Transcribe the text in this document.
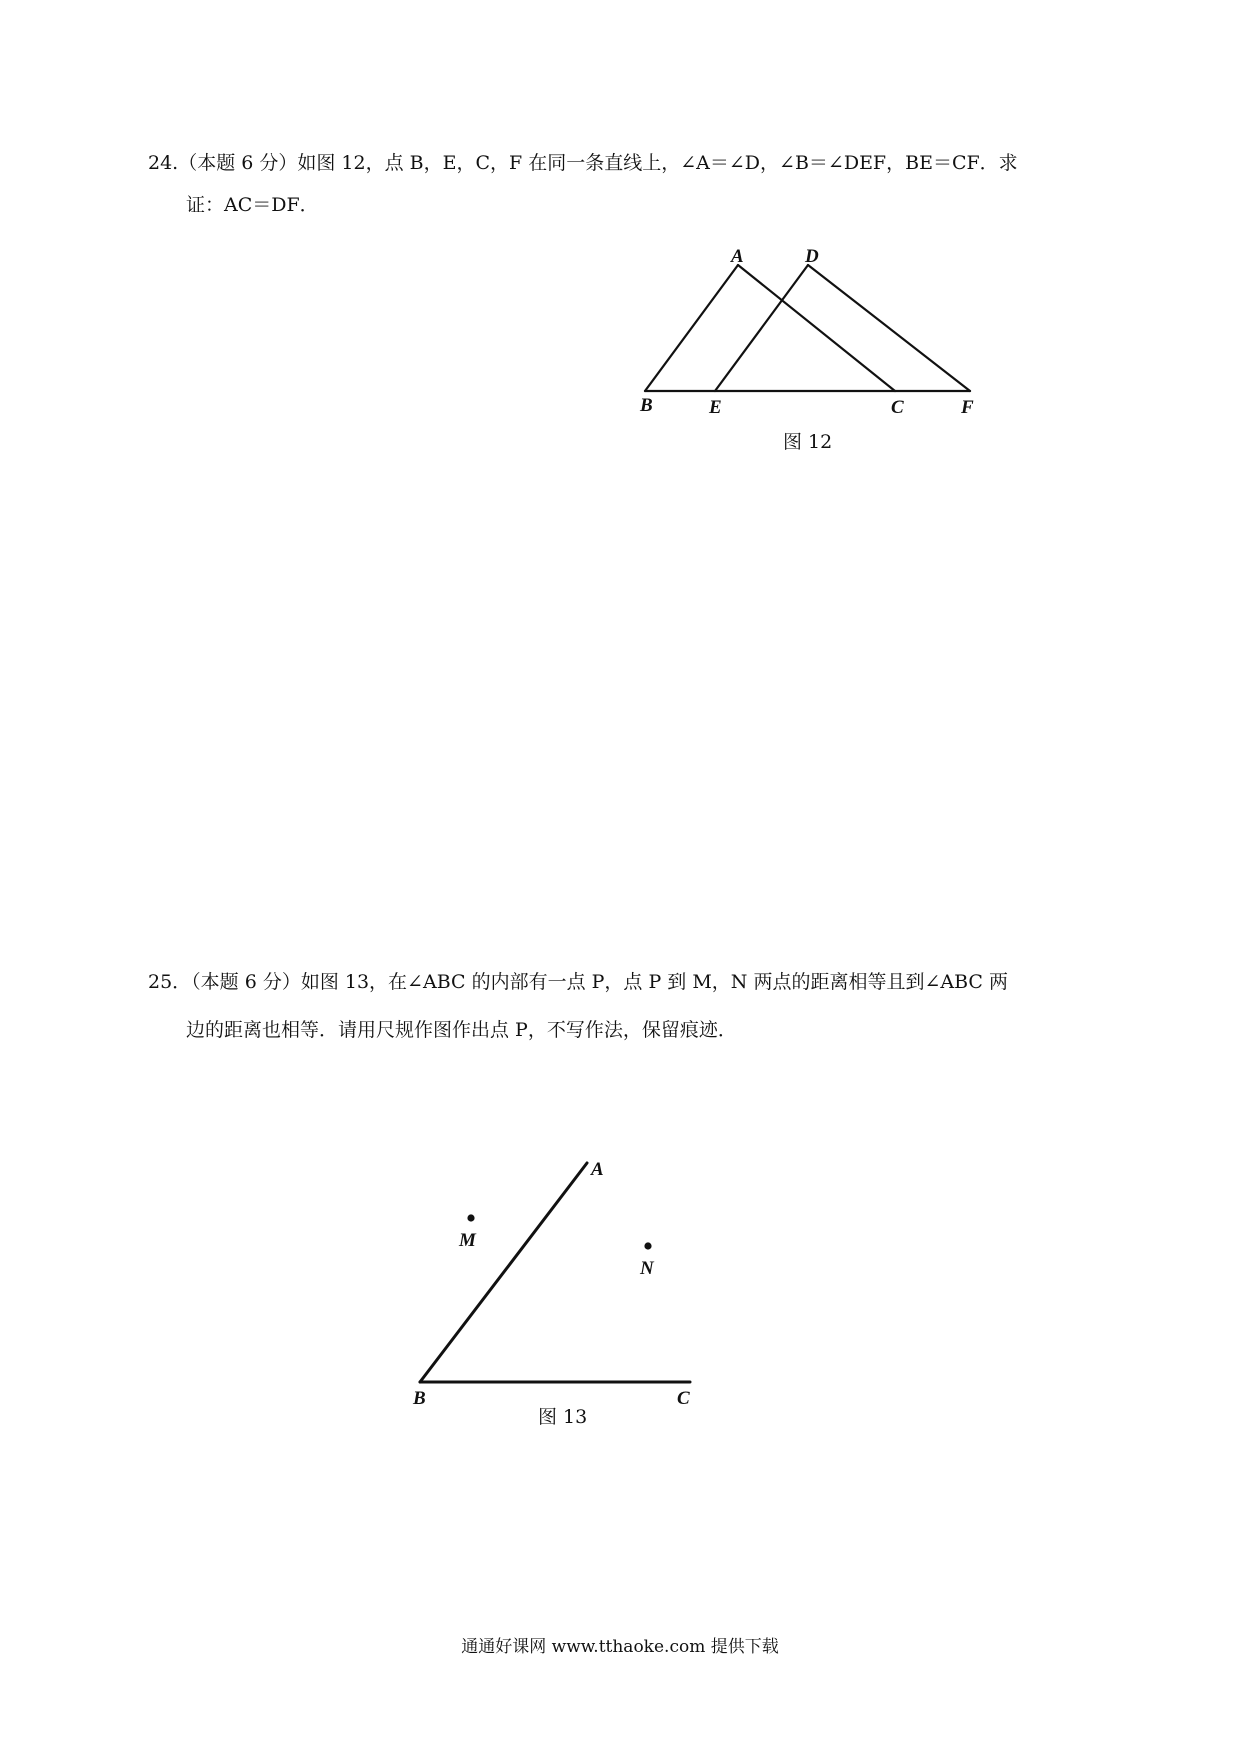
24.（本题 6 分）如图 12，点 B，E，C，F 在同一条直线上，∠A＝∠D，∠B＝∠DEF，BE＝CF．求
证：AC＝DF．
A	D
B	E	C	F
图 12
25．（本题 6 分）如图 13，在∠ABC 的内部有一点 P，点 P 到 M，N 两点的距离相等且到∠ABC 两
边的距离也相等．请用尺规作图作出点 P，不写作法，保留痕迹．
A
M
N
B	C
图 13
通通好课网 www.tthaoke.com 提供下载
